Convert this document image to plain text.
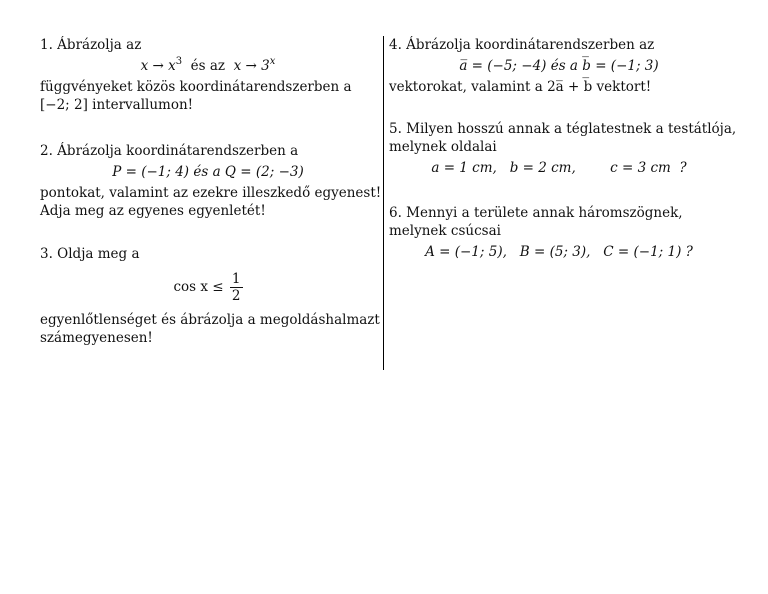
1. Ábrázolja az
$x \to x^3$  és az  $x \to 3^x$
függvényeket közös koordinátarendszerben a
[−2; 2] intervallumon!
2. Ábrázolja koordinátarendszerben a
P = (−1; 4) és a Q = (2; −3)
pontokat, valamint az ezekre illeszkedő egyenest!
Adja meg az egyenes egyenletét!
3. Oldja meg a
$\cos x \le \frac{1}{2}$
egyenlőtlenséget és ábrázolja a megoldáshalmazt
számegyenesen!
4. Ábrázolja koordinátarendszerben az
a̅ = (−5; −4) és a b̅ = (−1; 3)
vektorokat, valamint a 2a̅ + b̅ vektort!
5. Milyen hosszú annak a téglatestnek a testátlója,
melynek oldalai
a = 1 cm,   b = 2 cm,        c = 3 cm  ?
6. Mennyi a területe annak háromszögnek,
melynek csúcsai
A = (−1; 5),   B = (5; 3),   C = (−1; 1) ?
